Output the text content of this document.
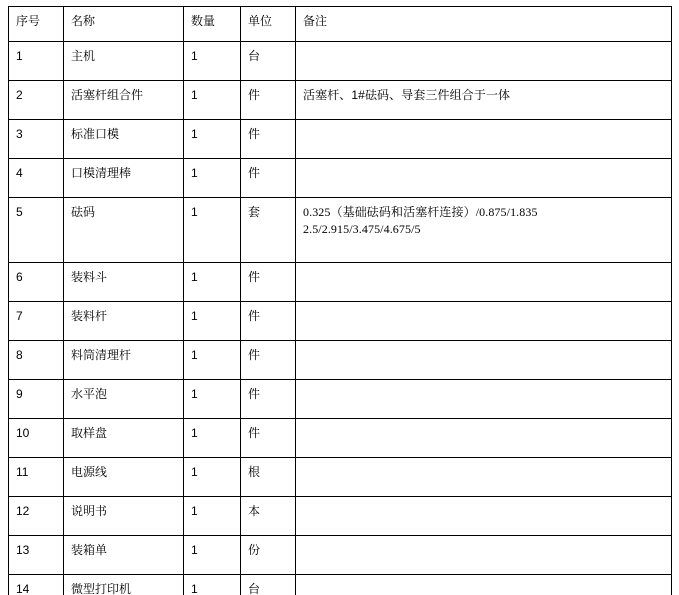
序号	名称	数量	单位	备注
1	主机	1	台	
2	活塞杆组合件	1	件	活塞杆、1#砝码、导套三件组合于一体
3	标准口模	1	件	
4	口模清理棒	1	件	
5	砝码	1	套	0.325（基础砝码和活塞杆连接）/0.875/1.835
2.5/2.915/3.475/4.675/5

6	装料斗	1	件	
7	装料杆	1	件	
8	料筒清理杆	1	件	
9	水平泡	1	件	
10	取样盘	1	件	
11	电源线	1	根	
12	说明书	1	本	
13	装箱单	1	份	
14	微型打印机	1	台	
